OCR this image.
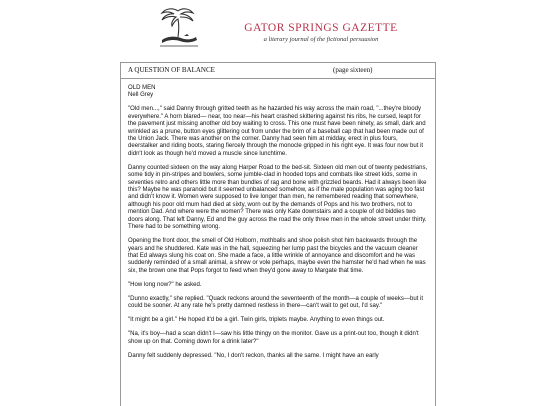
GATOR SPRINGS GAZETTE
a literary journal of the fictional persuasion
A QUESTION OF BALANCE	(page sixteen)

OLD MEN

Nell Grey

"Old men...," said Danny through gritted teeth as he hazarded his way across the main road, "...they're bloody everywhere." A horn blared— near, too near—his heart crashed skittering against his ribs, he cursed, leapt for the pavement just missing another old boy waiting to cross. This one must have been ninety, as small, dark and wrinkled as a prune, button eyes glittering out from under the brim of a baseball cap that had been made out of the Union Jack. There was another on the corner. Danny had seen him at midday, erect in plus fours, deerstalker and riding boots, staring fiercely through the monocle gripped in his right eye. It was four now but it didn't look as though he'd moved a muscle since lunchtime.

Danny counted sixteen on the way along Harper Road to the bed-sit. Sixteen old men out of twenty pedestrians, some tidy in pin-stripes and bowlers, some jumble-clad in hooded tops and combats like street kids, some in seventies retro and others little more than bundles of rag and bone with grizzled beards. Had it always been like this? Maybe he was paranoid but it seemed unbalanced somehow, as if the male population was aging too fast and didn't know it. Women were supposed to live longer than men, he remembered reading that somewhere, although his poor old mum had died at sixty, worn out by the demands of Pops and his two brothers, not to mention Dad. And where were the women? There was only Kate downstairs and a couple of old biddies two doors along. That left Danny, Ed and the guy across the road the only three men in the whole street under thirty. There had to be something wrong.

Opening the front door, the smell of Old Holborn, mothballs and shoe polish shot him backwards through the years and he shuddered. Kate was in the hall, squeezing her lump past the bicycles and the vacuum cleaner that Ed always slung his coat on. She made a face, a little wrinkle of annoyance and discomfort and he was suddenly reminded of a small animal, a shrew or vole perhaps, maybe even the hamster he'd had when he was six, the brown one that Pops forgot to feed when they'd gone away to Margate that time.

"How long now?" he asked.

"Dunno exactly," she replied. "Quack reckons around the seventeenth of the month—a couple of weeks—but it could be sooner. At any rate he's pretty damned restless in there—can't wait to get out, I'd say."

"It might be a girl." He hoped it'd be a girl. Twin girls, triplets maybe. Anything to even things out.

"Na, it's boy—had a scan didn't I—saw his little thingy on the monitor. Gave us a print-out too, though it didn't show up on that. Coming down for a drink later?"

Danny felt suddenly depressed. "No, I don't reckon, thanks all the same. I might have an early
